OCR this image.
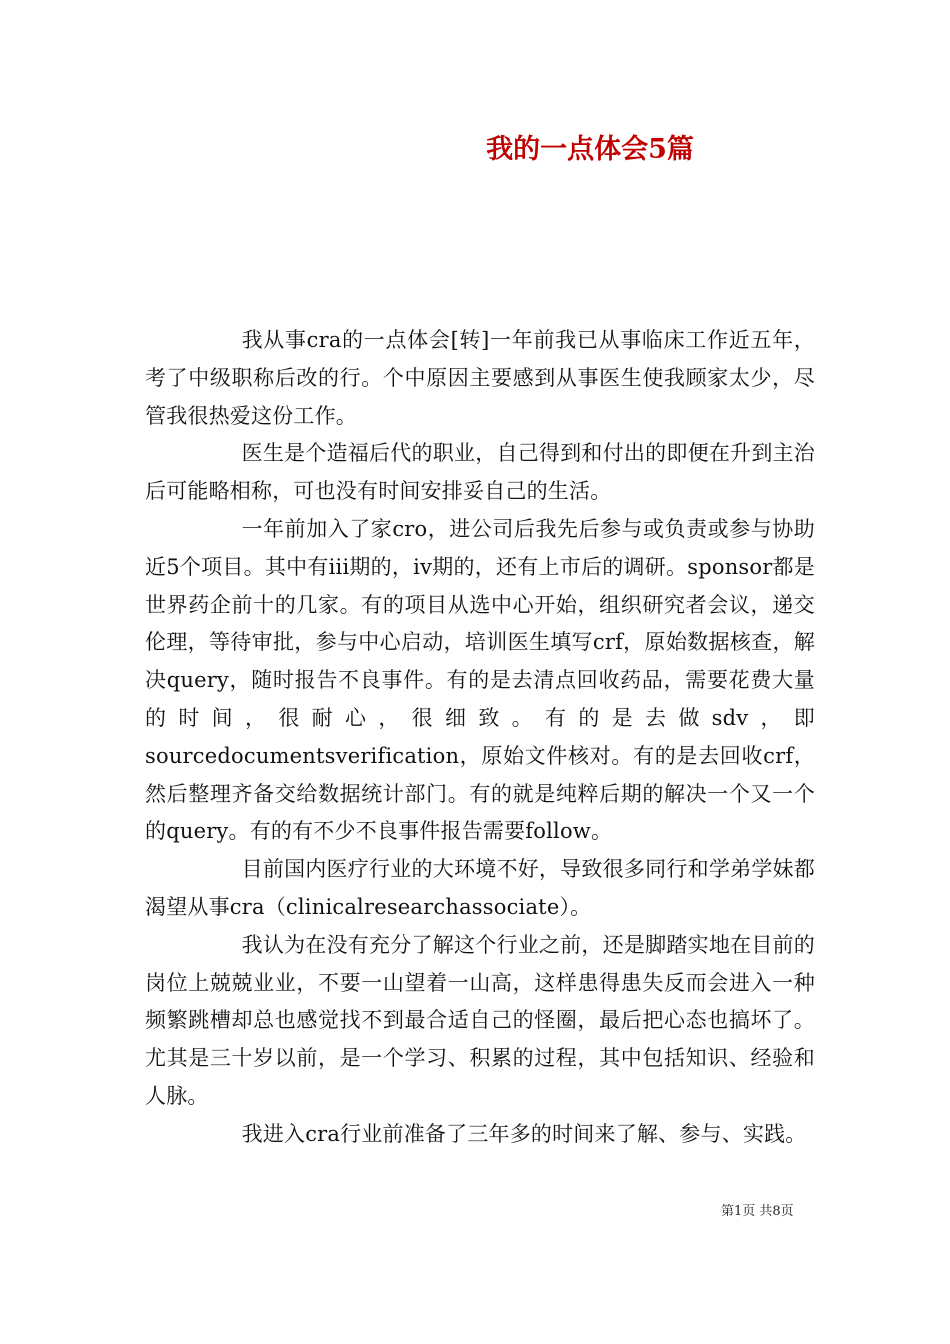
我的一点体会5篇

我从事cra的一点体会[转]一年前我已从事临床工作近五年，考了中级职称后改的行。个中原因主要感到从事医生使我顾家太少，尽管我很热爱这份工作。

医生是个造福后代的职业，自己得到和付出的即便在升到主治后可能略相称，可也没有时间安排妥自己的生活。

一年前加入了家cro，进公司后我先后参与或负责或参与协助近5个项目。其中有iii期的，iv期的，还有上市后的调研。sponsor都是世界药企前十的几家。有的项目从选中心开始，组织研究者会议，递交伦理，等待审批，参与中心启动，培训医生填写crf，原始数据核查，解决query，随时报告不良事件。有的是去清点回收药品，需要花费大量的时间，很耐心，很细致。有的是去做sdv，即sourcedocumentsverification，原始文件核对。有的是去回收crf，然后整理齐备交给数据统计部门。有的就是纯粹后期的解决一个又一个的query。有的有不少不良事件报告需要follow。

目前国内医疗行业的大环境不好，导致很多同行和学弟学妹都渴望从事cra（clinicalresearchassociate）。

我认为在没有充分了解这个行业之前，还是脚踏实地在目前的岗位上兢兢业业，不要一山望着一山高，这样患得患失反而会进入一种频繁跳槽却总也感觉找不到最合适自己的怪圈，最后把心态也搞坏了。尤其是三十岁以前，是一个学习、积累的过程，其中包括知识、经验和人脉。

我进入cra行业前准备了三年多的时间来了解、参与、实践。

第1页 共8页
